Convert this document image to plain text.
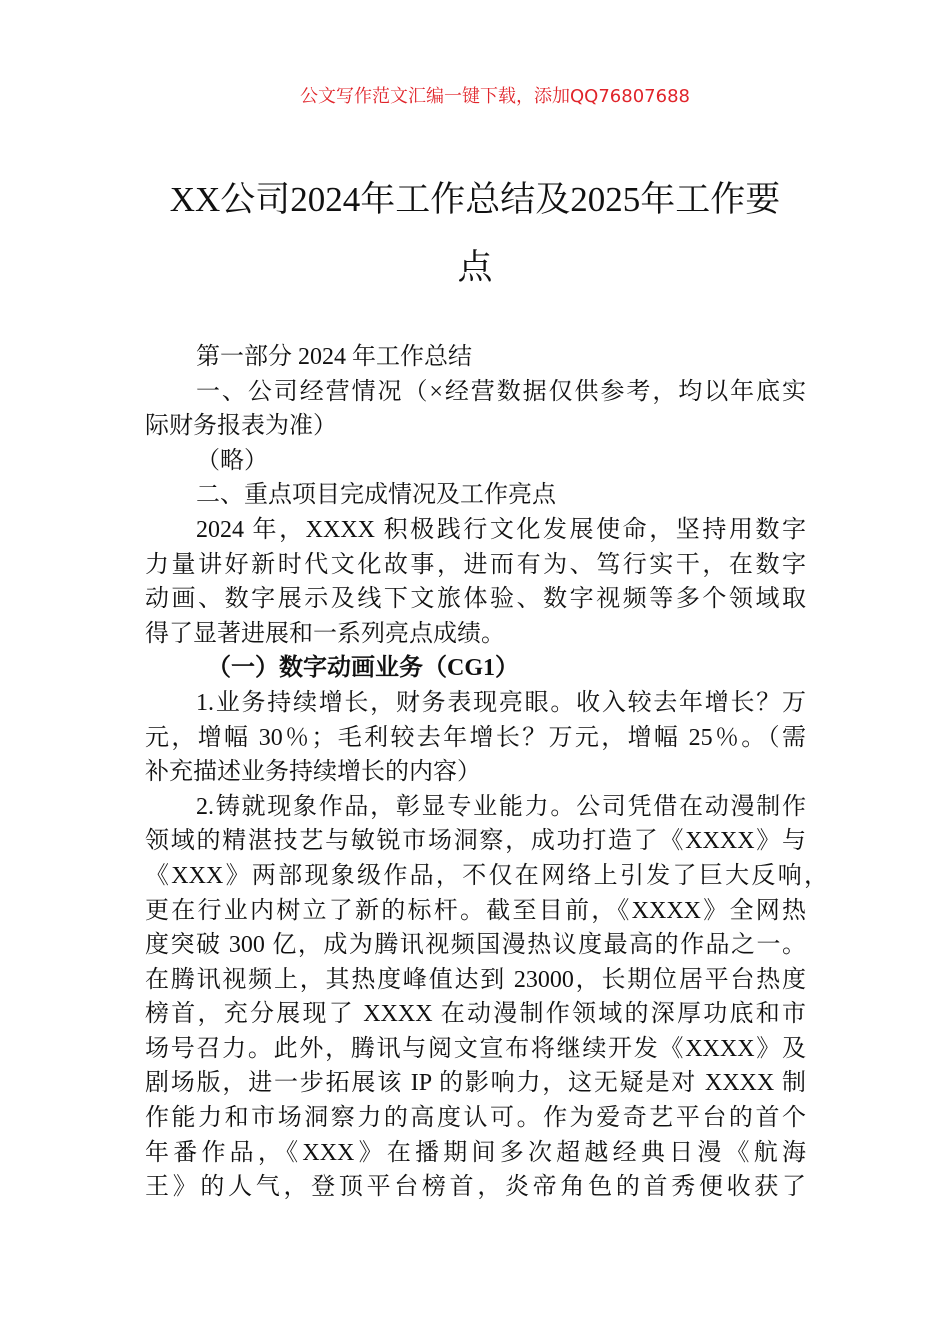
公文写作范文汇编一键下载，添加QQ76807688
XX公司2024年工作总结及2025年工作要
点
第一部分 2024 年工作总结
一、公司经营情况（×经营数据仅供参考，均以年底实
际财务报表为准）
（略）
二、重点项目完成情况及工作亮点
2024 年，XXXX 积极践行文化发展使命，坚持用数字
力量讲好新时代文化故事，进而有为、笃行实干，在数字
动画、数字展示及线下文旅体验、数字视频等多个领域取
得了显著进展和一系列亮点成绩。
（一）数字动画业务（CG1）
1.业务持续增长，财务表现亮眼。收入较去年增长？万
元，增幅 30％；毛利较去年增长？万元，增幅 25％。（需
补充描述业务持续增长的内容）
2.铸就现象作品，彰显专业能力。公司凭借在动漫制作
领域的精湛技艺与敏锐市场洞察，成功打造了《XXXX》与
《XXX》两部现象级作品，不仅在网络上引发了巨大反响，
更在行业内树立了新的标杆。截至目前，《XXXX》全网热
度突破 300 亿，成为腾讯视频国漫热议度最高的作品之一。
在腾讯视频上，其热度峰值达到 23000，长期位居平台热度
榜首，充分展现了 XXXX 在动漫制作领域的深厚功底和市
场号召力。此外，腾讯与阅文宣布将继续开发《XXXX》及
剧场版，进一步拓展该 IP 的影响力，这无疑是对 XXXX 制
作能力和市场洞察力的高度认可。作为爱奇艺平台的首个
年番作品，《XXX》在播期间多次超越经典日漫《航海
王》的人气，登顶平台榜首，炎帝角色的首秀便收获了
